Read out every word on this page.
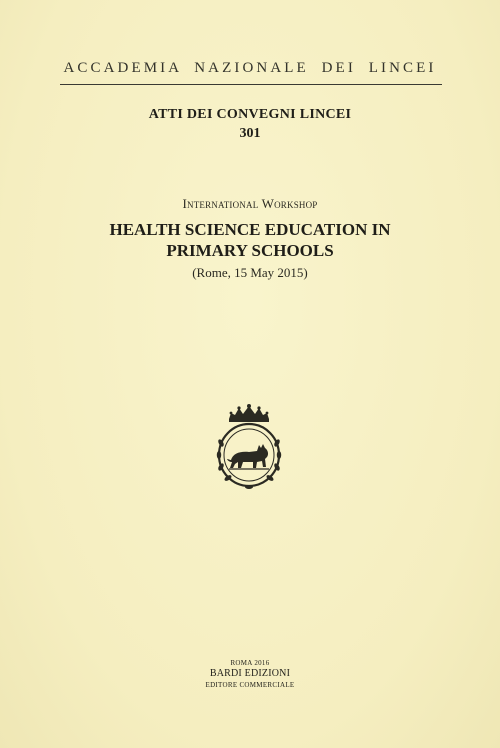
ACCADEMIA NAZIONALE DEI LINCEI
ATTI DEI CONVEGNI LINCEI
301
International Workshop
HEALTH SCIENCE EDUCATION IN
PRIMARY SCHOOLS
(Rome, 15 May 2015)
ROMA 2016
BARDI EDIZIONI
EDITORE COMMERCIALE
